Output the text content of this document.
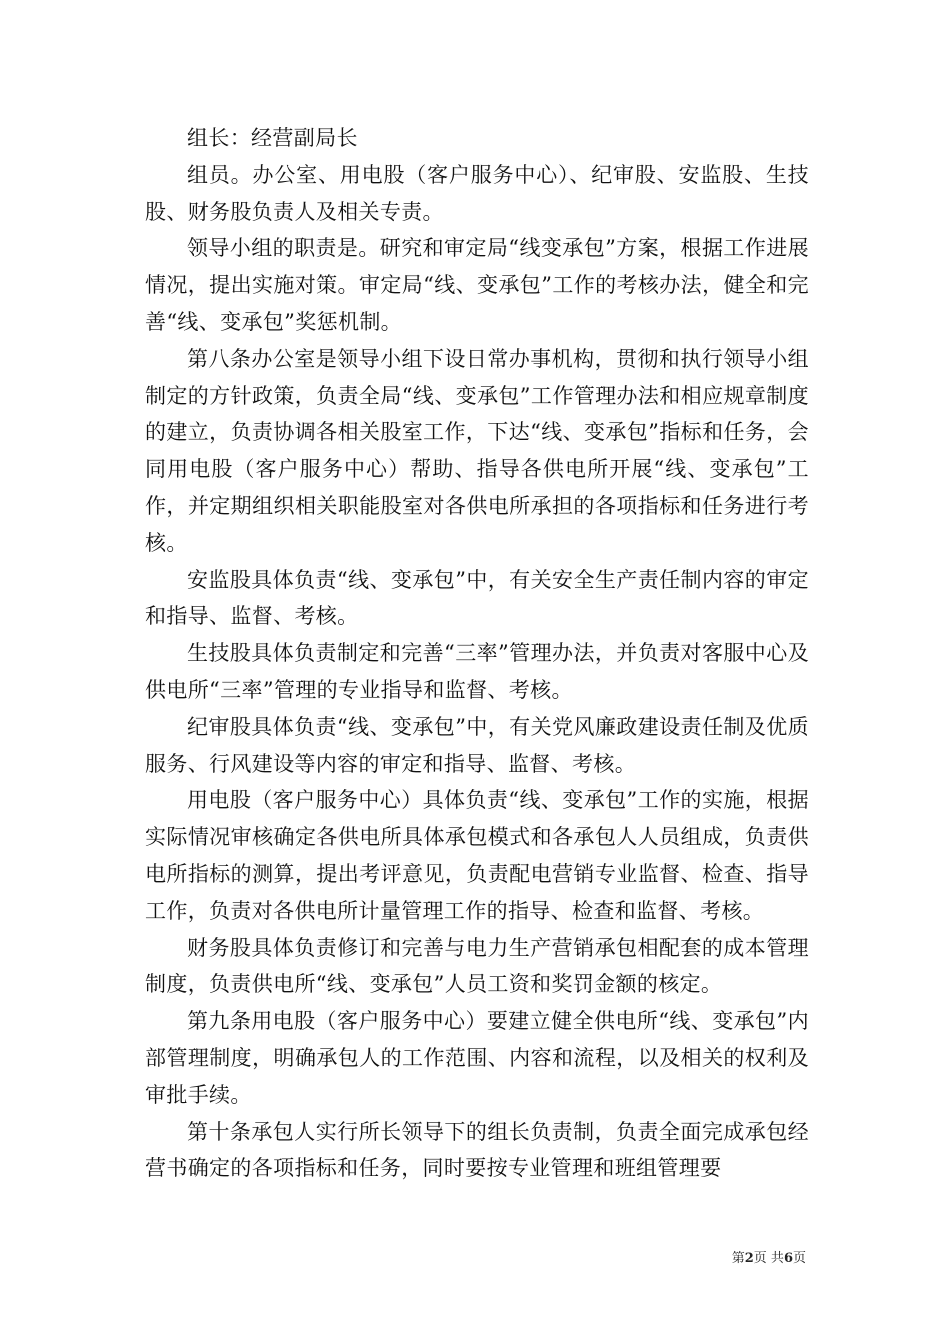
组长：经营副局长

组员。办公室、用电股（客户服务中心）、纪审股、安监股、生技股、财务股负责人及相关专责。

领导小组的职责是。研究和审定局“线变承包”方案，根据工作进展情况，提出实施对策。审定局“线、变承包”工作的考核办法，健全和完善“线、变承包”奖惩机制。

第八条办公室是领导小组下设日常办事机构，贯彻和执行领导小组制定的方针政策，负责全局“线、变承包”工作管理办法和相应规章制度的建立，负责协调各相关股室工作，下达“线、变承包”指标和任务，会同用电股（客户服务中心）帮助、指导各供电所开展“线、变承包”工作，并定期组织相关职能股室对各供电所承担的各项指标和任务进行考核。

安监股具体负责“线、变承包”中，有关安全生产责任制内容的审定和指导、监督、考核。

生技股具体负责制定和完善“三率”管理办法，并负责对客服中心及供电所“三率”管理的专业指导和监督、考核。

纪审股具体负责“线、变承包”中，有关党风廉政建设责任制及优质服务、行风建设等内容的审定和指导、监督、考核。

用电股（客户服务中心）具体负责“线、变承包”工作的实施，根据实际情况审核确定各供电所具体承包模式和各承包人人员组成，负责供电所指标的测算，提出考评意见，负责配电营销专业监督、检查、指导工作，负责对各供电所计量管理工作的指导、检查和监督、考核。

财务股具体负责修订和完善与电力生产营销承包相配套的成本管理制度，负责供电所“线、变承包”人员工资和奖罚金额的核定。

第九条用电股（客户服务中心）要建立健全供电所“线、变承包”内部管理制度，明确承包人的工作范围、内容和流程，以及相关的权利及审批手续。

第十条承包人实行所长领导下的组长负责制，负责全面完成承包经营书确定的各项指标和任务，同时要按专业管理和班组管理要

第2页 共6页
